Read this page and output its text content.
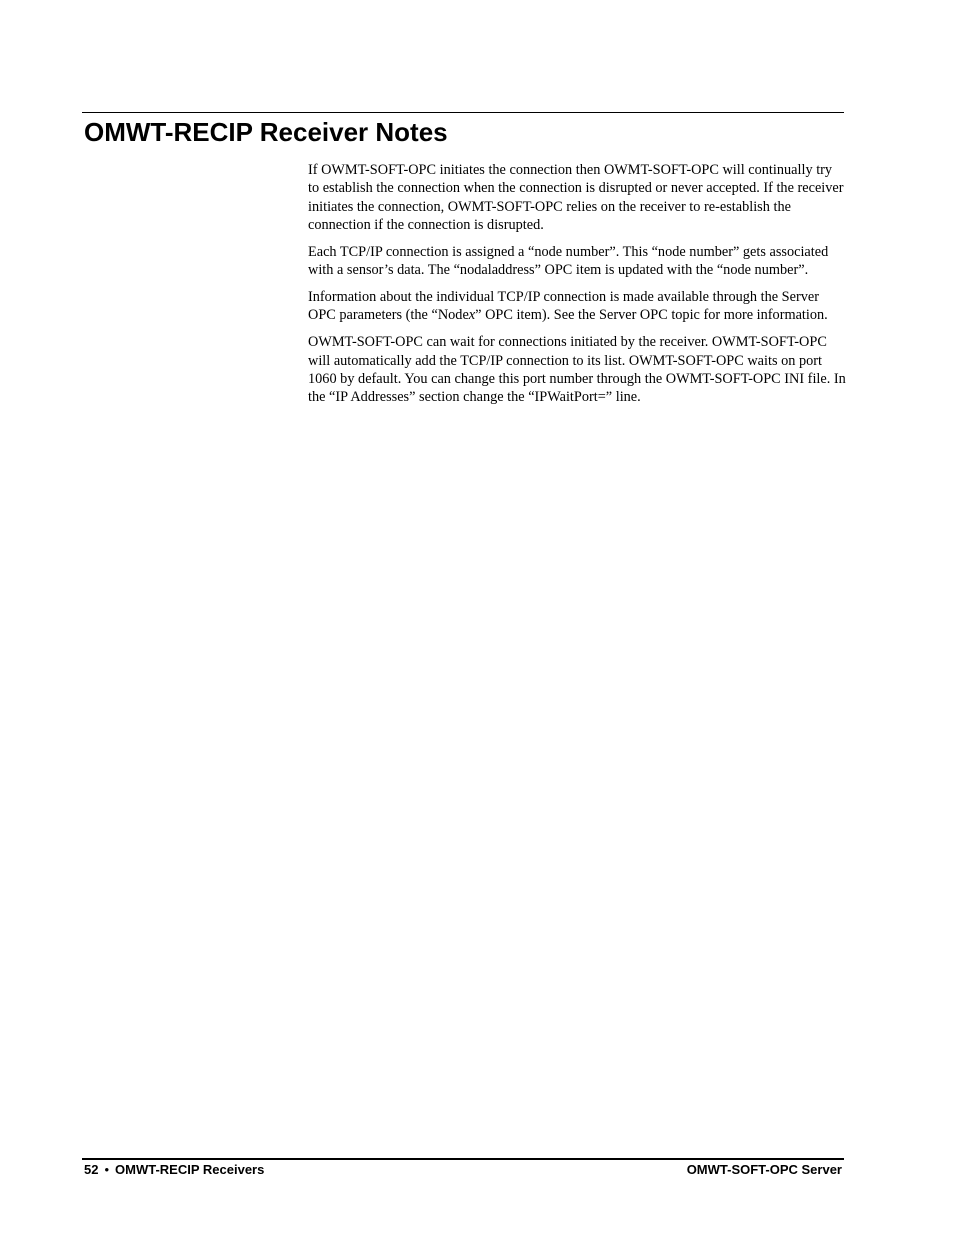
OMWT-RECIP Receiver Notes

If OWMT-SOFT-OPC initiates the connection then OWMT-SOFT-OPC will continually try to establish the connection when the connection is disrupted or never accepted. If the receiver initiates the connection, OWMT-SOFT-OPC relies on the receiver to re-establish the connection if the connection is disrupted.

Each TCP/IP connection is assigned a “node number”. This “node number” gets associated with a sensor’s data. The “nodaladdress” OPC item is updated with the “node number”.

Information about the individual TCP/IP connection is made available through the Server OPC parameters (the “Nodex” OPC item). See the Server OPC topic for more information.

OWMT-SOFT-OPC can wait for connections initiated by the receiver. OWMT-SOFT-OPC will automatically add the TCP/IP connection to its list. OWMT-SOFT-OPC waits on port 1060 by default. You can change this port number through the OWMT-SOFT-OPC INI file. In the “IP Addresses” section change the “IPWaitPort=” line.

52 • OMWT-RECIP Receivers	OMWT-SOFT-OPC Server
